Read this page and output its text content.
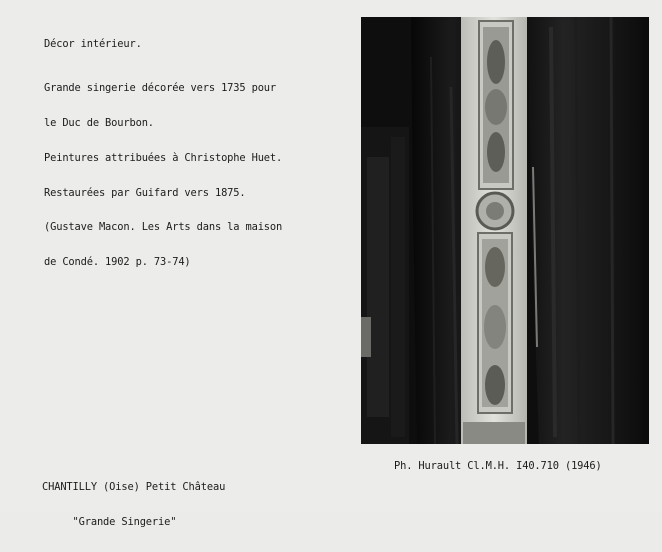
Décor intérieur.

Grande singerie décorée vers 1735 pour

le Duc de Bourbon.

Peintures attribuées à Christophe Huet.

Restaurées par Guifard vers 1875.

(Gustave Macon. Les Arts dans la maison

de Condé. 1902 p. 73-74)

CHANTILLY (Oise) Petit Château

"Grande Singerie"

Ph. Hurault Cl.M.H. I40.710 (1946)
